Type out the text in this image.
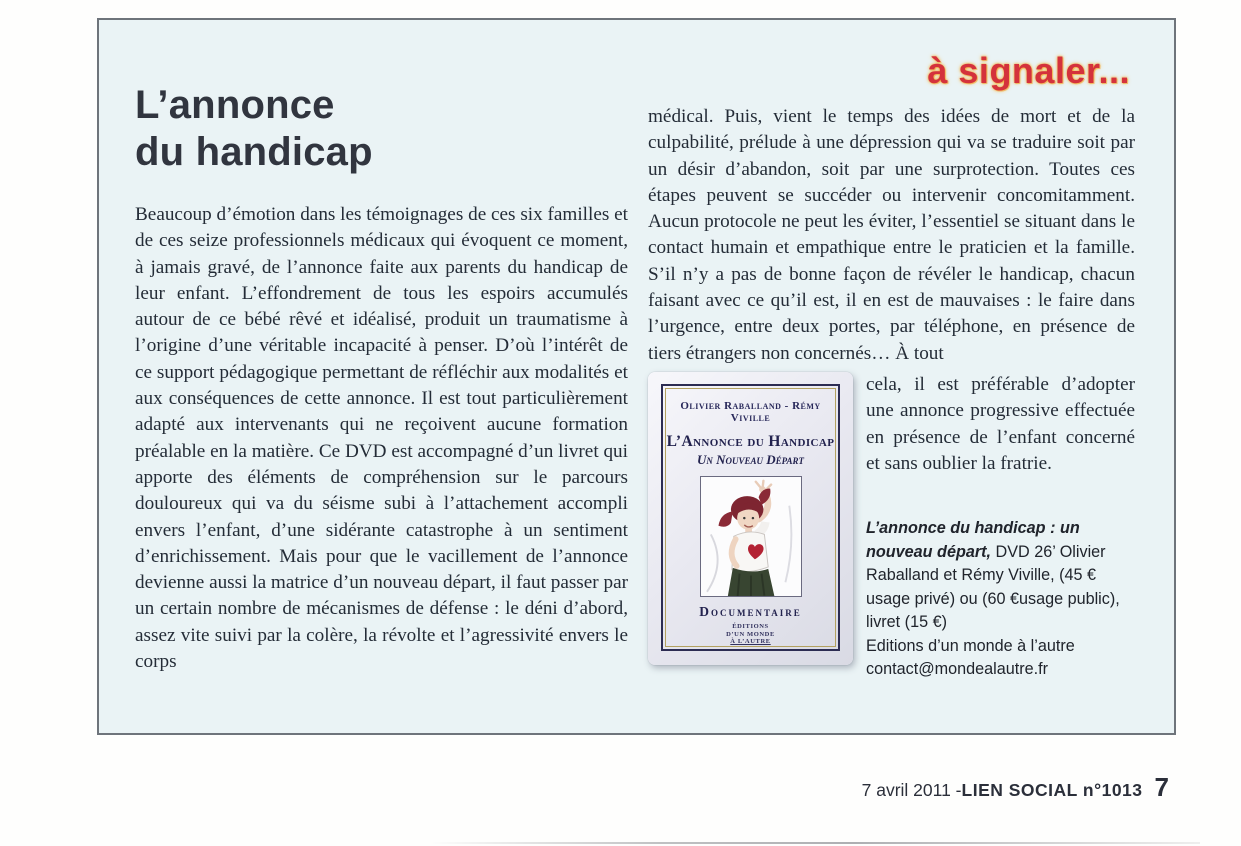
à signaler...
L’annonce
du handicap

Beaucoup d’émotion dans les témoignages de ces six familles et de ces seize professionnels médicaux qui évoquent ce moment, à jamais gravé, de l’annonce faite aux parents du handicap de leur enfant. L’effondrement de tous les espoirs accumulés autour de ce bébé rêvé et idéalisé, produit un traumatisme à l’origine d’une véritable incapacité à penser. D’où l’intérêt de ce support pédagogique permettant de réfléchir aux modalités et aux conséquences de cette annonce. Il est tout particulièrement adapté aux intervenants qui ne reçoivent aucune formation préalable en la matière. Ce DVD est accompagné d’un livret qui apporte des éléments de compréhension sur le parcours douloureux qui va du séisme subi à l’attachement accompli envers l’enfant, d’une sidérante catastrophe à un sentiment d’enrichissement. Mais pour que le vacillement de l’annonce devienne aussi la matrice d’un nouveau départ, il faut passer par un certain nombre de mécanismes de défense : le déni d’abord, assez vite suivi par la colère, la révolte et l’agressivité envers le corps

médical. Puis, vient le temps des idées de mort et de la culpabilité, prélude à une dépression qui va se traduire soit par un désir d’abandon, soit par une surprotection. Toutes ces étapes peuvent se succéder ou intervenir concomitamment. Aucun protocole ne peut les éviter, l’essentiel se situant dans le contact humain et empathique entre le praticien et la famille. S’il n’y a pas de bonne façon de révéler le handicap, chacun faisant avec ce qu’il est, il en est de mauvaises : le faire dans l’urgence, entre deux portes, par téléphone, en présence de tiers étrangers non concernés… À tout

Olivier Raballand - Rémy Viville
L’Annonce du Handicap
Un Nouveau Départ
Documentaire
ÉDITIONS
D’UN MONDE
À L’AUTRE

cela, il est préférable d’adopter une annonce progressive effectuée en présence de l’enfant concerné et sans oublier la fratrie.

L’annonce du handicap : un nouveau départ, DVD 26’ Olivier Raballand et Rémy Viville, (45 € usage privé) ou (60 €usage public), livret (15 €)
Editions d’un monde à l’autre
contact@mondealautre.fr

7 avril 2011 - LIEN SOCIAL n°1013 7
